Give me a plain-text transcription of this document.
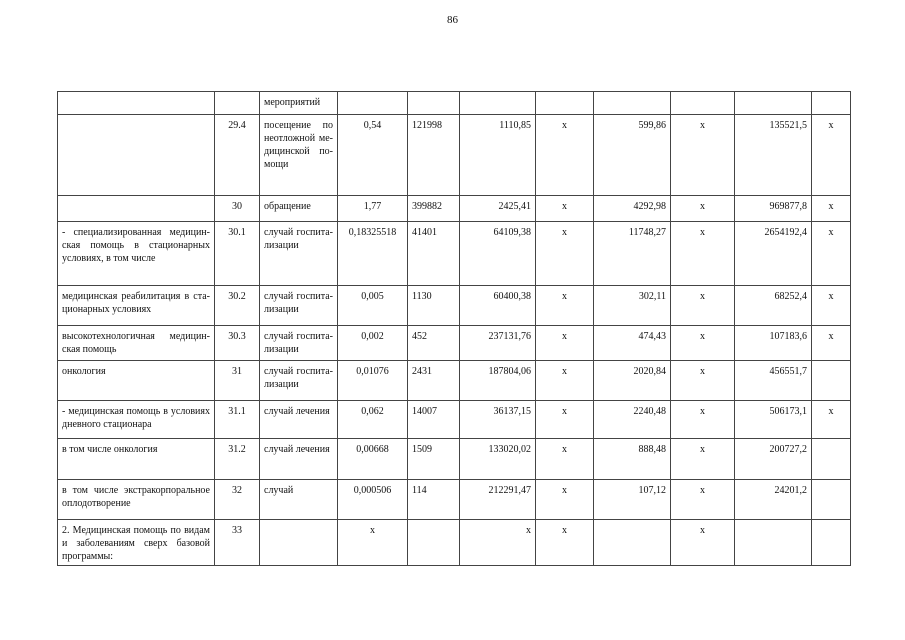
86
		мероприятий								
	29.4	посещение по неотложной медицинской помощи	0,54	121998	1110,85	х	599,86	х	135521,5	х
	30	обращение	1,77	399882	2425,41	х	4292,98	х	969877,8	х
- специализированная медицинская помощь в стационарных условиях, в том числе	30.1	случай госпитализации	0,18325518	41401	64109,38	х	11748,27	х	2654192,4	х
медицинская реабилитация в стационарных условиях	30.2	случай госпитализации	0,005	1130	60400,38	х	302,11	х	68252,4	х
высокотехнологичная медицинская помощь	30.3	случай госпитализации	0,002	452	237131,76	х	474,43	х	107183,6	х
онкология	31	случай госпитализации	0,01076	2431	187804,06	х	2020,84	х	456551,7	
- медицинская помощь в условиях дневного стационара	31.1	случай лечения	0,062	14007	36137,15	х	2240,48	х	506173,1	х
в том числе онкология	31.2	случай лечения	0,00668	1509	133020,02	х	888,48	х	200727,2	
в том числе экстракорпоральное оплодотворение	32	случай	0,000506	114	212291,47	х	107,12	х	24201,2	
2. Медицинская помощь по видам и заболеваниям сверх базовой программы:	33		х		х	х		х		
